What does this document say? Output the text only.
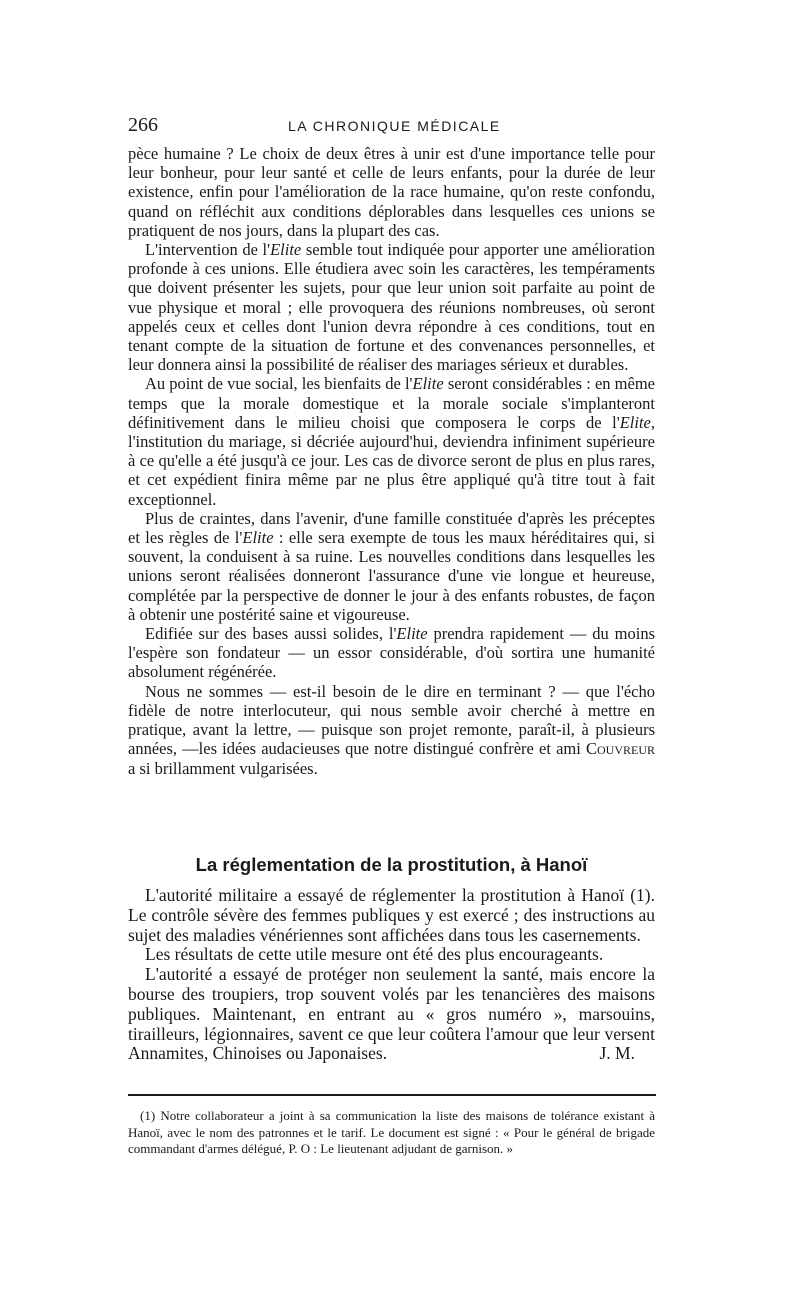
266	LA CHRONIQUE MÉDICALE

pèce humaine ? Le choix de deux êtres à unir est d'une importance telle pour leur bonheur, pour leur santé et celle de leurs enfants, pour la durée de leur existence, enfin pour l'amélioration de la race humaine, qu'on reste confondu, quand on réfléchit aux conditions déplorables dans lesquelles ces unions se pratiquent de nos jours, dans la plupart des cas.

L'intervention de l'Elite semble tout indiquée pour apporter une amélioration profonde à ces unions. Elle étudiera avec soin les caractères, les tempéraments que doivent présenter les sujets, pour que leur union soit parfaite au point de vue physique et moral ; elle provoquera des réunions nombreuses, où seront appelés ceux et celles dont l'union devra répondre à ces conditions, tout en tenant compte de la situation de fortune et des convenances personnelles, et leur donnera ainsi la possibilité de réaliser des mariages sérieux et durables.

Au point de vue social, les bienfaits de l'Elite seront considérables : en même temps que la morale domestique et la morale sociale s'implanteront définitivement dans le milieu choisi que composera le corps de l'Elite, l'institution du mariage, si décriée aujourd'hui, deviendra infiniment supérieure à ce qu'elle a été jusqu'à ce jour. Les cas de divorce seront de plus en plus rares, et cet expédient finira même par ne plus être appliqué qu'à titre tout à fait exceptionnel.

Plus de craintes, dans l'avenir, d'une famille constituée d'après les préceptes et les règles de l'Elite : elle sera exempte de tous les maux héréditaires qui, si souvent, la conduisent à sa ruine. Les nouvelles conditions dans lesquelles les unions seront réalisées donneront l'assurance d'une vie longue et heureuse, complétée par la perspective de donner le jour à des enfants robustes, de façon à obtenir une postérité saine et vigoureuse.

Edifiée sur des bases aussi solides, l'Elite prendra rapidement — du moins l'espère son fondateur — un essor considérable, d'où sortira une humanité absolument régénérée.

Nous ne sommes — est-il besoin de le dire en terminant ? — que l'écho fidèle de notre interlocuteur, qui nous semble avoir cherché à mettre en pratique, avant la lettre, — puisque son projet remonte, paraît-il, à plusieurs années, —les idées audacieuses que notre distingué confrère et ami Couvreur a si brillamment vulgarisées.

La réglementation de la prostitution, à Hanoï

L'autorité militaire a essayé de réglementer la prostitution à Hanoï (1). Le contrôle sévère des femmes publiques y est exercé ; des instructions au sujet des maladies vénériennes sont affichées dans tous les casernements.

Les résultats de cette utile mesure ont été des plus encourageants.

L'autorité a essayé de protéger non seulement la santé, mais encore la bourse des troupiers, trop souvent volés par les tenancières des maisons publiques. Maintenant, en entrant au « gros numéro », marsouins, tirailleurs, légionnaires, savent ce que leur coûtera l'amour que leur versent Annamites, Chinoises ou Japonaises.	J. M.

(1) Notre collaborateur a joint à sa communication la liste des maisons de tolérance existant à Hanoï, avec le nom des patronnes et le tarif. Le document est signé : « Pour le général de brigade commandant d'armes délégué, P. O : Le lieutenant adjudant de garnison. »
